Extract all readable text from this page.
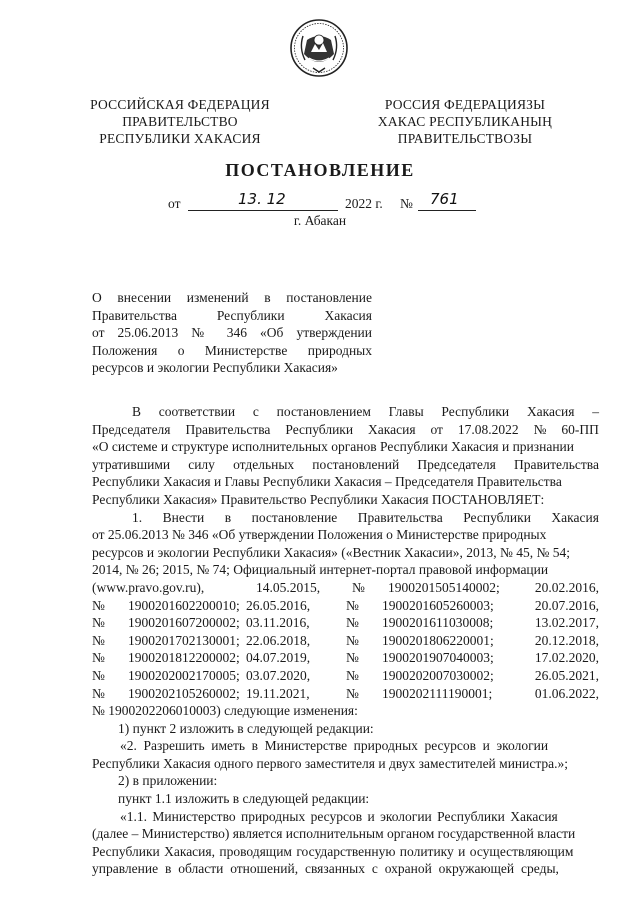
РОССИЙСКАЯ ФЕДЕРАЦИЯ
ПРАВИТЕЛЬСТВО
РЕСПУБЛИКИ ХАКАСИЯ
РОССИЯ ФЕДЕРАЦИЯЗЫ
ХАКАС РЕСПУБЛИКАНЫҢ
ПРАВИТЕЛЬСТВОЗЫ
ПОСТАНОВЛЕНИЕ
от	13. 12	2022 г. № 761
г. Абакан
О внесении изменений в постановление
Правительства Республики Хакасия
от 25.06.2013 № 346 «Об утверждении
Положения о Министерстве природных
ресурсов и экологии Республики Хакасия»
В соответствии с постановлением Главы Республики Хакасия –
Председателя Правительства Республики Хакасия от 17.08.2022 № 60-ПП
«О системе и структуре исполнительных органов Республики Хакасия и признании
утратившими силу отдельных постановлений Председателя Правительства
Республики Хакасия и Главы Республики Хакасия – Председателя Правительства
Республики Хакасия» Правительство Республики Хакасия ПОСТАНОВЛЯЕТ:
1. Внести в постановление Правительства Республики Хакасия
от 25.06.2013 № 346 «Об утверждении Положения о Министерстве природных
ресурсов и экологии Республики Хакасия» («Вестник Хакасии», 2013, № 45, № 54;
2014, № 26; 2015, № 74; Официальный интернет-портал правовой информации
(www.pravo.gov.ru),	14.05.2015,	№	1900201505140002;	20.02.2016,
№	1900201602200010; 26.05.2016,	№	1900201605260003;	20.07.2016,
№	1900201607200002; 03.11.2016,	№	1900201611030008;	13.02.2017,
№	1900201702130001; 22.06.2018,	№	1900201806220001;	20.12.2018,
№	1900201812200002; 04.07.2019,	№	1900201907040003;	17.02.2020,
№	1900202002170005; 03.07.2020,	№	1900202007030002;	26.05.2021,
№	1900202105260002; 19.11.2021,	№	1900202111190001;	01.06.2022,
№ 1900202206010003) следующие изменения:
1) пункт 2 изложить в следующей редакции:
«2. Разрешить иметь в Министерстве природных ресурсов и экологии
Республики Хакасия одного первого заместителя и двух заместителей министра.»;
2) в приложении:
пункт 1.1 изложить в следующей редакции:
«1.1. Министерство природных ресурсов и экологии Республики Хакасия
(далее – Министерство) является исполнительным органом государственной власти
Республики Хакасия, проводящим государственную политику и осуществляющим
управление в области отношений, связанных с охраной окружающей среды,
